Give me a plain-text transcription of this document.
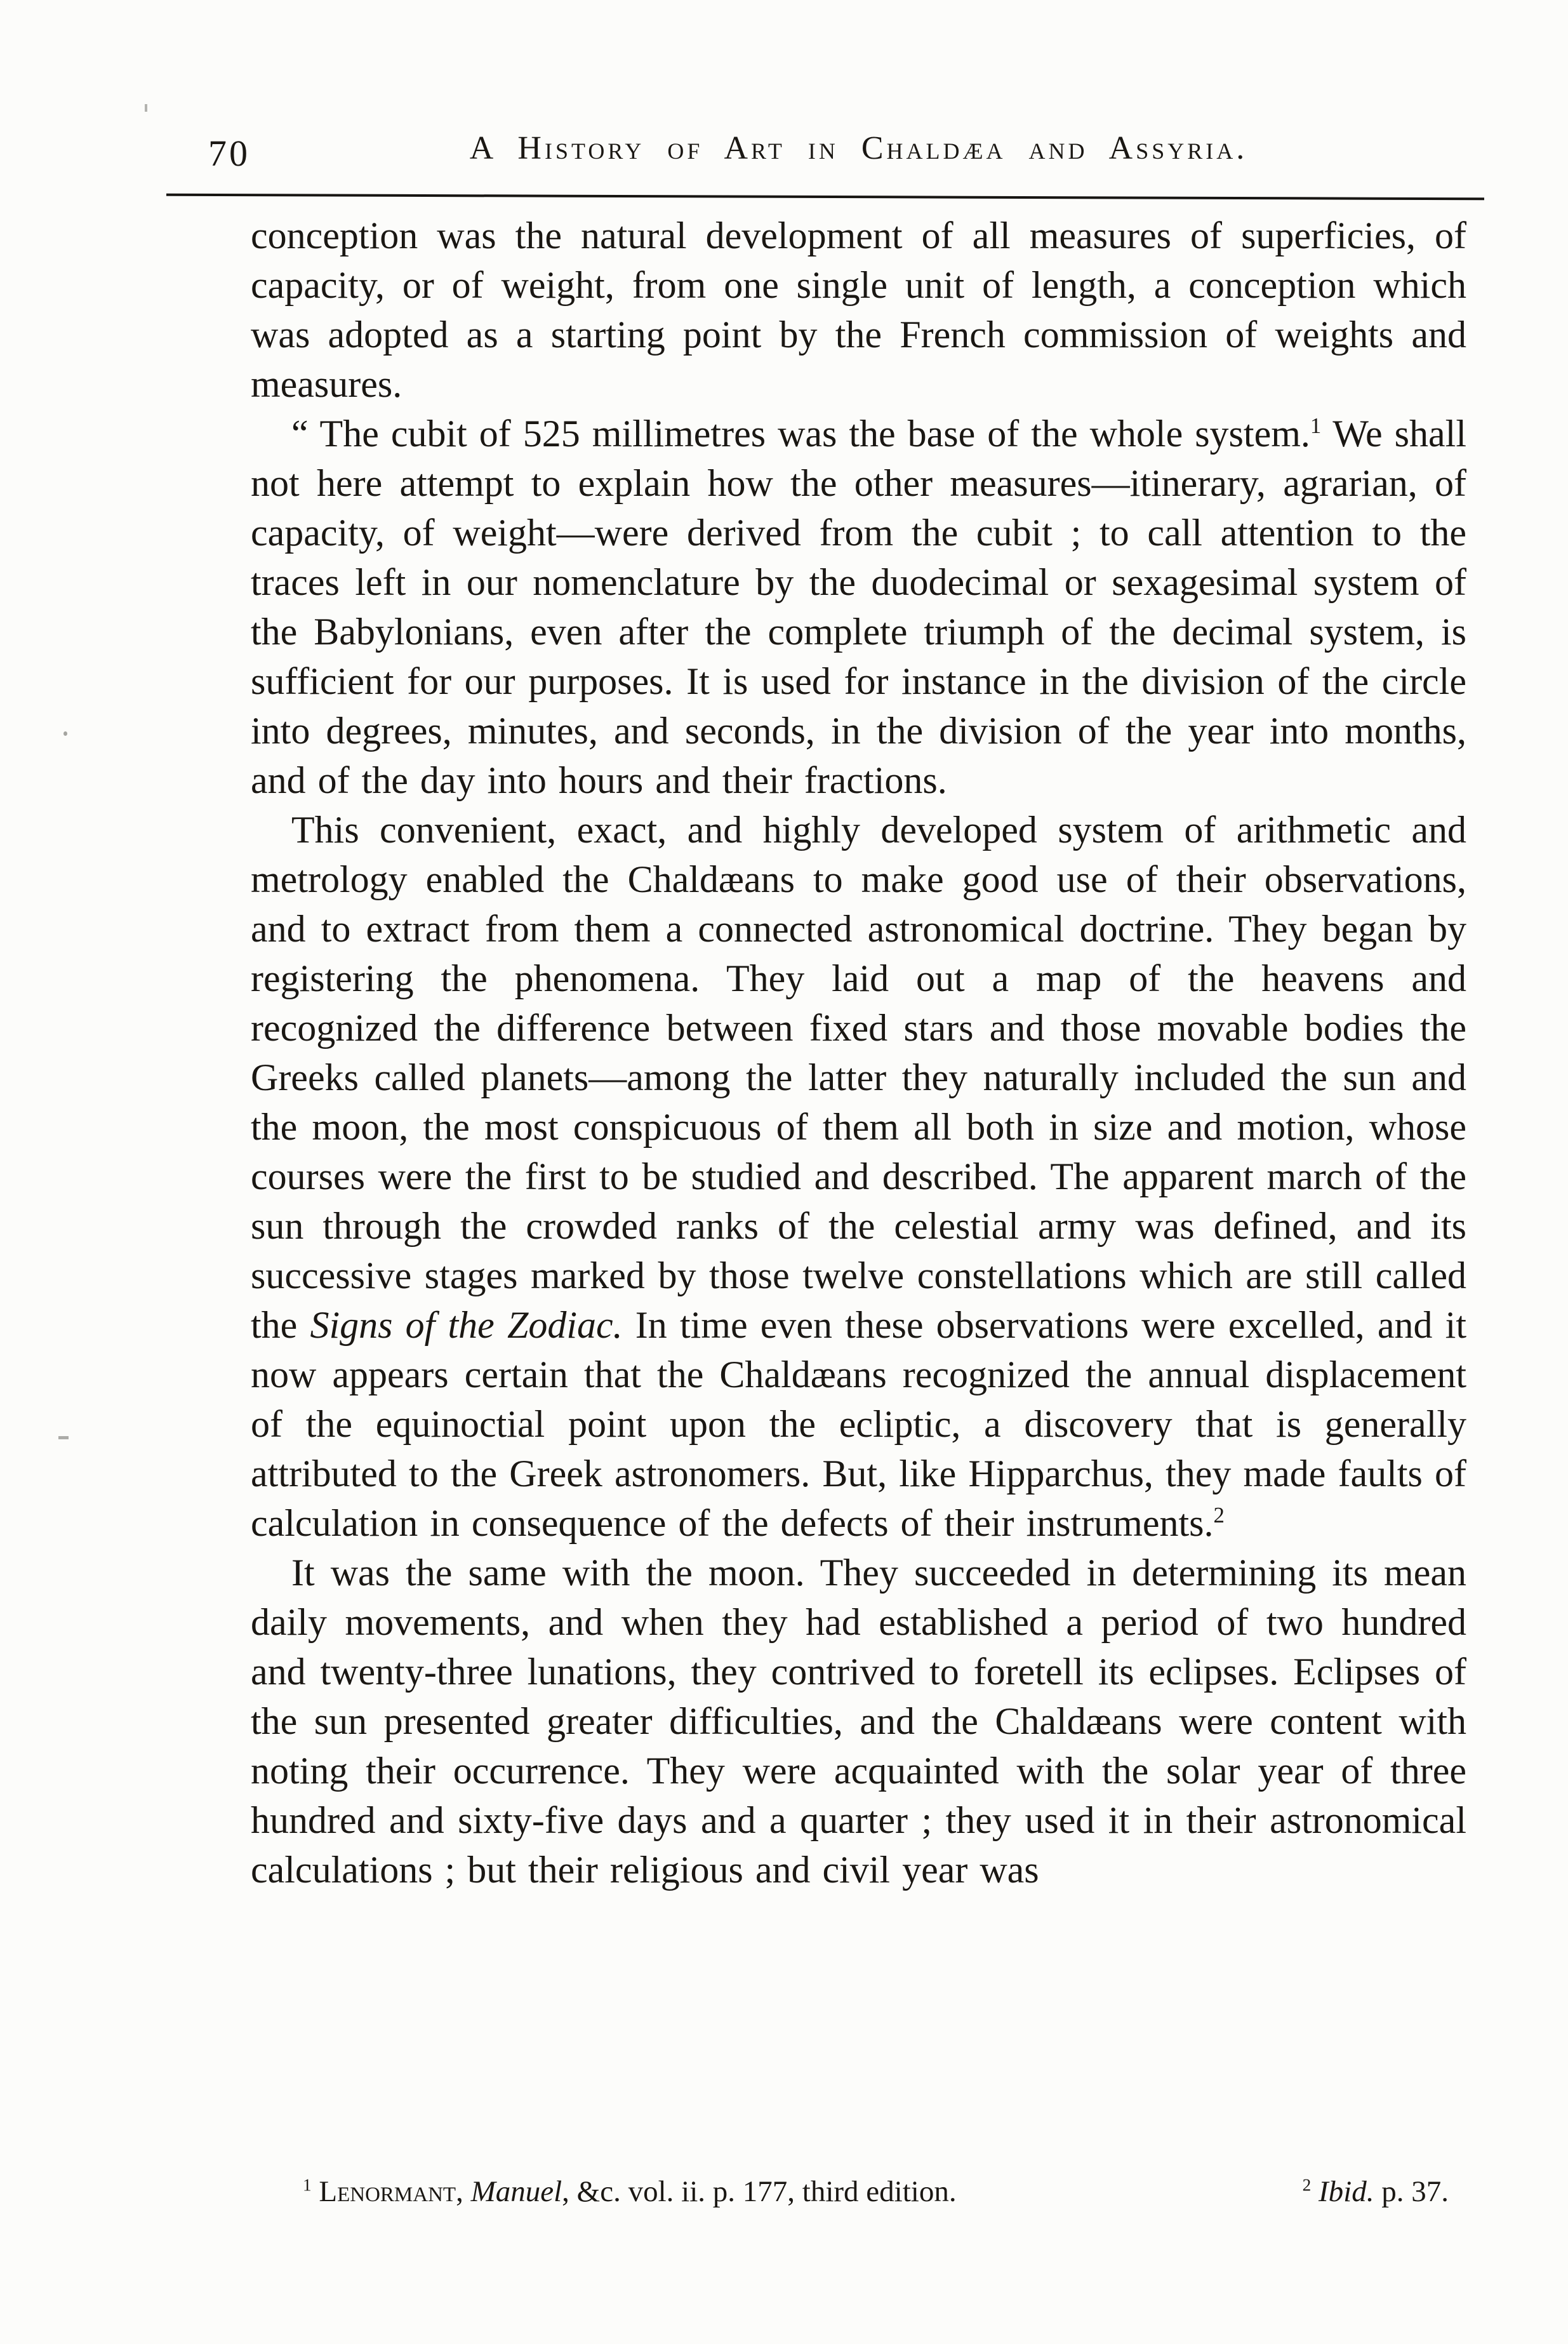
70	A History of Art in Chaldæa and Assyria.

conception was the natural development of all measures of superficies, of capacity, or of weight, from one single unit of length, a conception which was adopted as a starting point by the French commission of weights and measures.

“ The cubit of 525 millimetres was the base of the whole system.$^1$ We shall not here attempt to explain how the other measures—itinerary, agrarian, of capacity, of weight—were derived from the cubit ; to call attention to the traces left in our nomenclature by the duodecimal or sexagesimal system of the Babylonians, even after the complete triumph of the decimal system, is sufficient for our purposes. It is used for instance in the division of the circle into degrees, minutes, and seconds, in the division of the year into months, and of the day into hours and their fractions.

This convenient, exact, and highly developed system of arithmetic and metrology enabled the Chaldæans to make good use of their observations, and to extract from them a connected astronomical doctrine. They began by registering the phenomena. They laid out a map of the heavens and recognized the difference between fixed stars and those movable bodies the Greeks called planets—among the latter they naturally included the sun and the moon, the most conspicuous of them all both in size and motion, whose courses were the first to be studied and described. The apparent march of the sun through the crowded ranks of the celestial army was defined, and its successive stages marked by those twelve constellations which are still called the Signs of the Zodiac. In time even these observations were excelled, and it now appears certain that the Chaldæans recognized the annual displacement of the equinoctial point upon the ecliptic, a discovery that is generally attributed to the Greek astronomers. But, like Hipparchus, they made faults of calculation in consequence of the defects of their instruments.$^2$

It was the same with the moon. They succeeded in determining its mean daily movements, and when they had established a period of two hundred and twenty-three lunations, they contrived to foretell its eclipses. Eclipses of the sun presented greater difficulties, and the Chaldæans were content with noting their occurrence. They were acquainted with the solar year of three hundred and sixty-five days and a quarter ; they used it in their astronomical calculations ; but their religious and civil year was

$^1$ Lenormant, Manuel, &c. vol. ii. p. 177, third edition.	$^2$ Ibid. p. 37.
